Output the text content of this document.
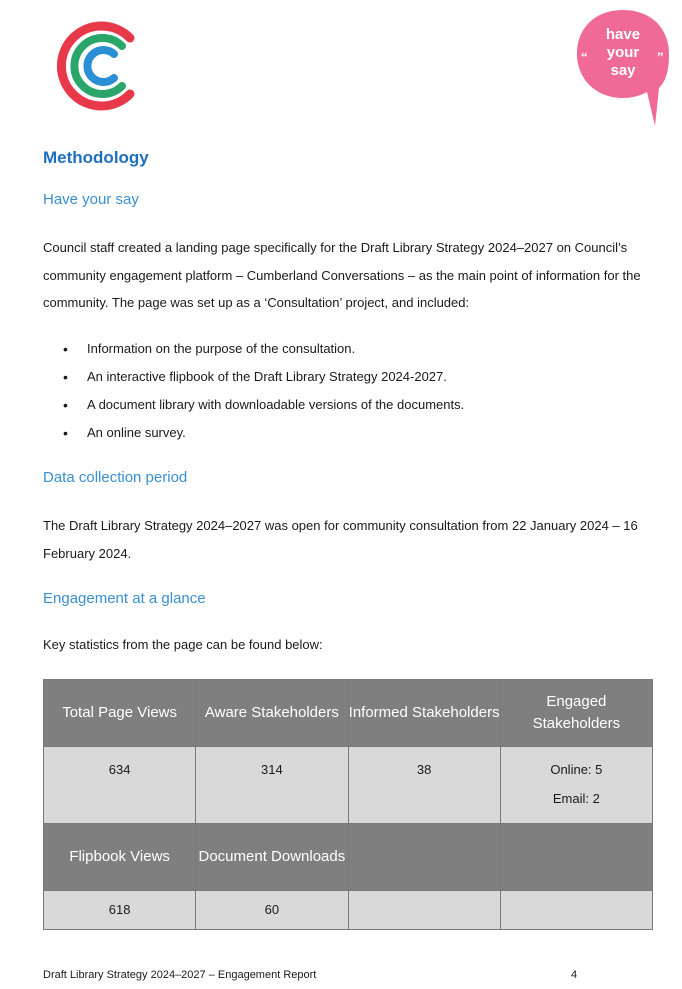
“	”
have
your
say
Methodology
Have your say

Council staff created a landing page specifically for the Draft Library Strategy 2024–2027 on Council’s community engagement platform – Cumberland Conversations – as the main point of information for the community. The page was set up as a ‘Consultation’ project, and included:

• Information on the purpose of the consultation.
• An interactive flipbook of the Draft Library Strategy 2024-2027.
• A document library with downloadable versions of the documents.
• An online survey.
Data collection period

The Draft Library Strategy 2024–2027 was open for community consultation from 22 January 2024 – 16 February 2024.

Engagement at a glance

Key statistics from the page can be found below:

Total Page Views	Aware Stakeholders	Informed Stakeholders	Engaged Stakeholders
634	314	38	Online: 5
Email: 2

Flipbook Views	Document Downloads		
618	60		
Draft Library Strategy 2024–2027 – Engagement Report	4
